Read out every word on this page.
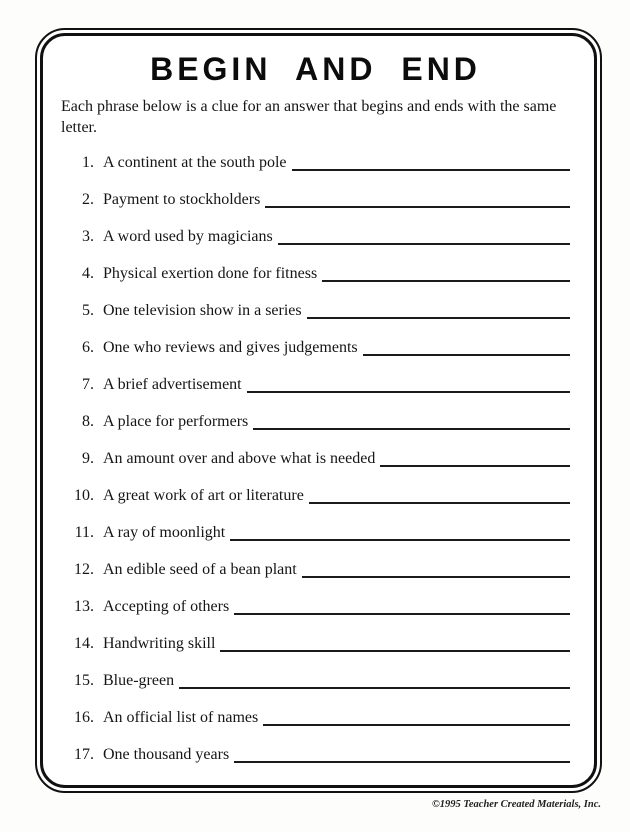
BEGIN AND END
Each phrase below is a clue for an answer that begins and ends with the same letter.
1. A continent at the south pole
2. Payment to stockholders
3. A word used by magicians
4. Physical exertion done for fitness
5. One television show in a series
6. One who reviews and gives judgements
7. A brief advertisement
8. A place for performers
9. An amount over and above what is needed
10. A great work of art or literature
11. A ray of moonlight
12. An edible seed of a bean plant
13. Accepting of others
14. Handwriting skill
15. Blue-green
16. An official list of names
17. One thousand years
©1995 Teacher Created Materials, Inc.
